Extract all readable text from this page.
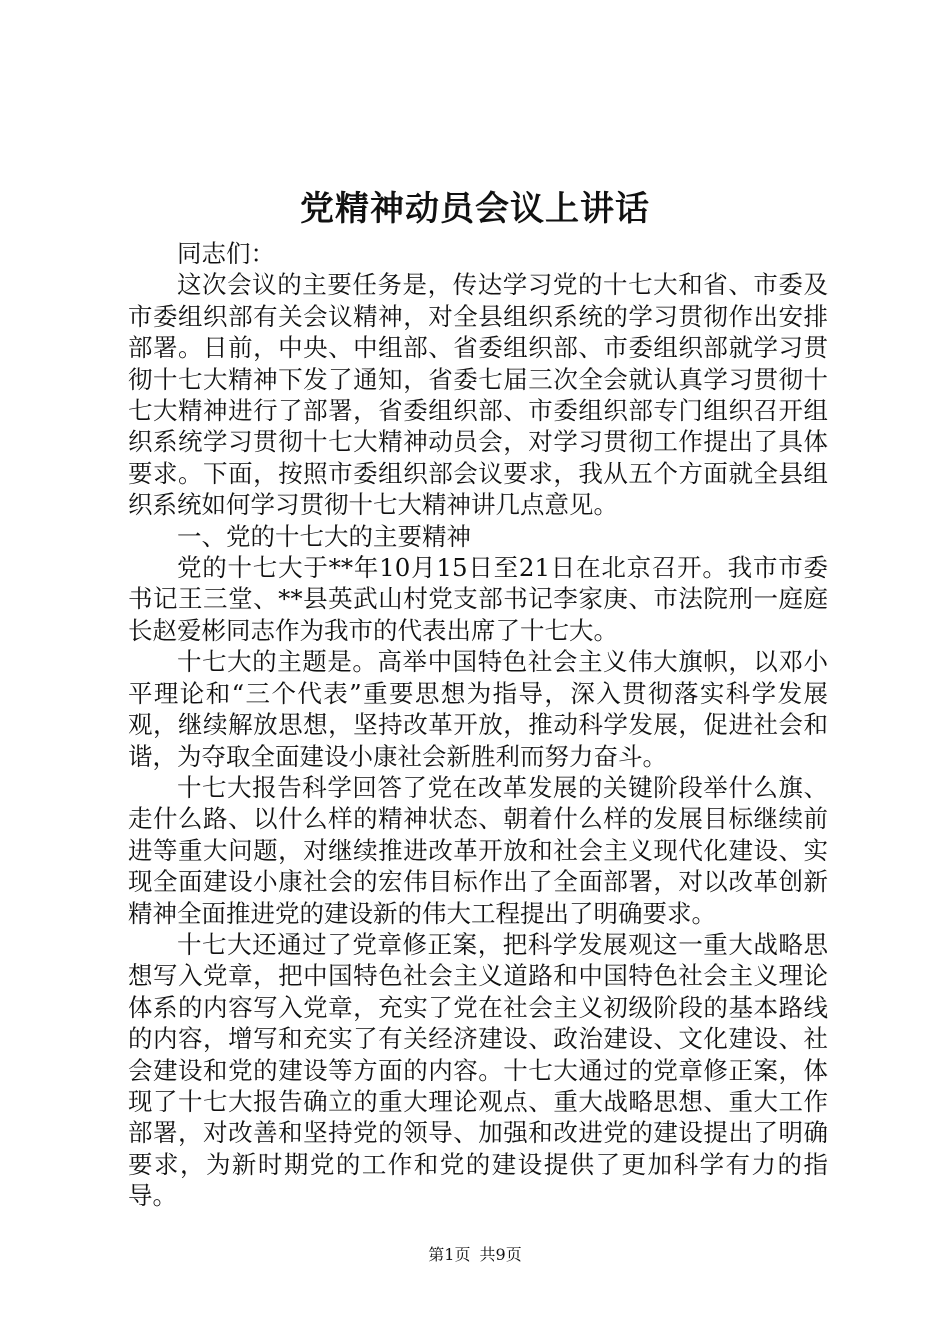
党精神动员会议上讲话

同志们：

这次会议的主要任务是，传达学习党的十七大和省、市委及市委组织部有关会议精神，对全县组织系统的学习贯彻作出安排部署。日前，中央、中组部、省委组织部、市委组织部就学习贯彻十七大精神下发了通知，省委七届三次全会就认真学习贯彻十七大精神进行了部署，省委组织部、市委组织部专门组织召开组织系统学习贯彻十七大精神动员会，对学习贯彻工作提出了具体要求。下面，按照市委组织部会议要求，我从五个方面就全县组织系统如何学习贯彻十七大精神讲几点意见。

一、党的十七大的主要精神

党的十七大于**年10月15日至21日在北京召开。我市市委书记王三堂、**县英武山村党支部书记李家庚、市法院刑一庭庭长赵爱彬同志作为我市的代表出席了十七大。

十七大的主题是。高举中国特色社会主义伟大旗帜，以邓小平理论和“三个代表”重要思想为指导，深入贯彻落实科学发展观，继续解放思想，坚持改革开放，推动科学发展，促进社会和谐，为夺取全面建设小康社会新胜利而努力奋斗。

十七大报告科学回答了党在改革发展的关键阶段举什么旗、走什么路、以什么样的精神状态、朝着什么样的发展目标继续前进等重大问题，对继续推进改革开放和社会主义现代化建设、实现全面建设小康社会的宏伟目标作出了全面部署，对以改革创新精神全面推进党的建设新的伟大工程提出了明确要求。

十七大还通过了党章修正案，把科学发展观这一重大战略思想写入党章，把中国特色社会主义道路和中国特色社会主义理论体系的内容写入党章，充实了党在社会主义初级阶段的基本路线的内容，增写和充实了有关经济建设、政治建设、文化建设、社会建设和党的建设等方面的内容。十七大通过的党章修正案，体现了十七大报告确立的重大理论观点、重大战略思想、重大工作部署，对改善和坚持党的领导、加强和改进党的建设提出了明确要求，为新时期党的工作和党的建设提供了更加科学有力的指导。

第1页 共9页
